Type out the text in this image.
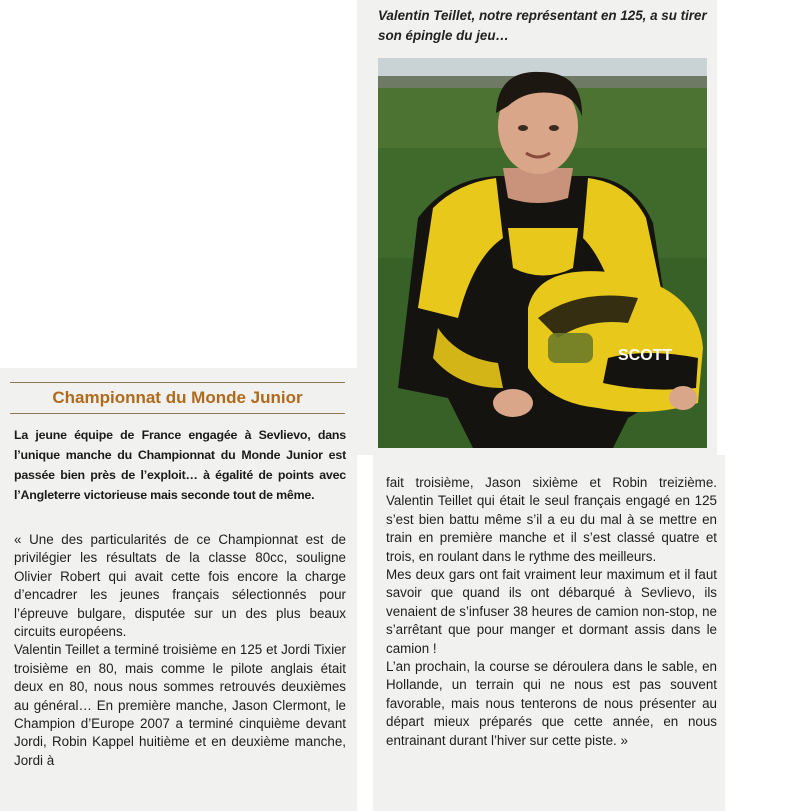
Valentin Teillet, notre représentant en 125, a su tirer son épingle du jeu…
SCOTT
Championnat du Monde Junior
La jeune équipe de France engagée à Sevlievo, dans l’unique manche du Championnat du Monde Junior est passée bien près de l’exploit… à égalité de points avec l’Angleterre victorieuse mais seconde tout de même.

« Une des particularités de ce Championnat est de privilégier les résultats de la classe 80cc, souligne Olivier Robert qui avait cette fois encore la charge d’encadrer les jeunes français sélectionnés pour l’épreuve bulgare, disputée sur un des plus beaux circuits européens.

Valentin Teillet a terminé troisième en 125 et Jordi Tixier troisième en 80, mais comme le pilote anglais était deux en 80, nous nous sommes retrouvés deuxièmes au général… En première manche, Jason Clermont, le Champion d’Europe 2007 a terminé cinquième devant Jordi, Robin Kappel huitième et en deuxième manche, Jordi à

fait troisième, Jason sixième et Robin treizième. Valentin Teillet qui était le seul français engagé en 125 s’est bien battu même s’il a eu du mal à se mettre en train en première manche et il s’est classé quatre et trois, en roulant dans le rythme des meilleurs.

Mes deux gars ont fait vraiment leur maximum et il faut savoir que quand ils ont débarqué à Sevlievo, ils venaient de s’infuser 38 heures de camion non-stop, ne s’arrêtant que pour manger et dormant assis dans le camion !

L’an prochain, la course se déroulera dans le sable, en Hollande, un terrain qui ne nous est pas souvent favorable, mais nous tenterons de nous présenter au départ mieux préparés que cette année, en nous entrainant durant l’hiver sur cette piste. »
